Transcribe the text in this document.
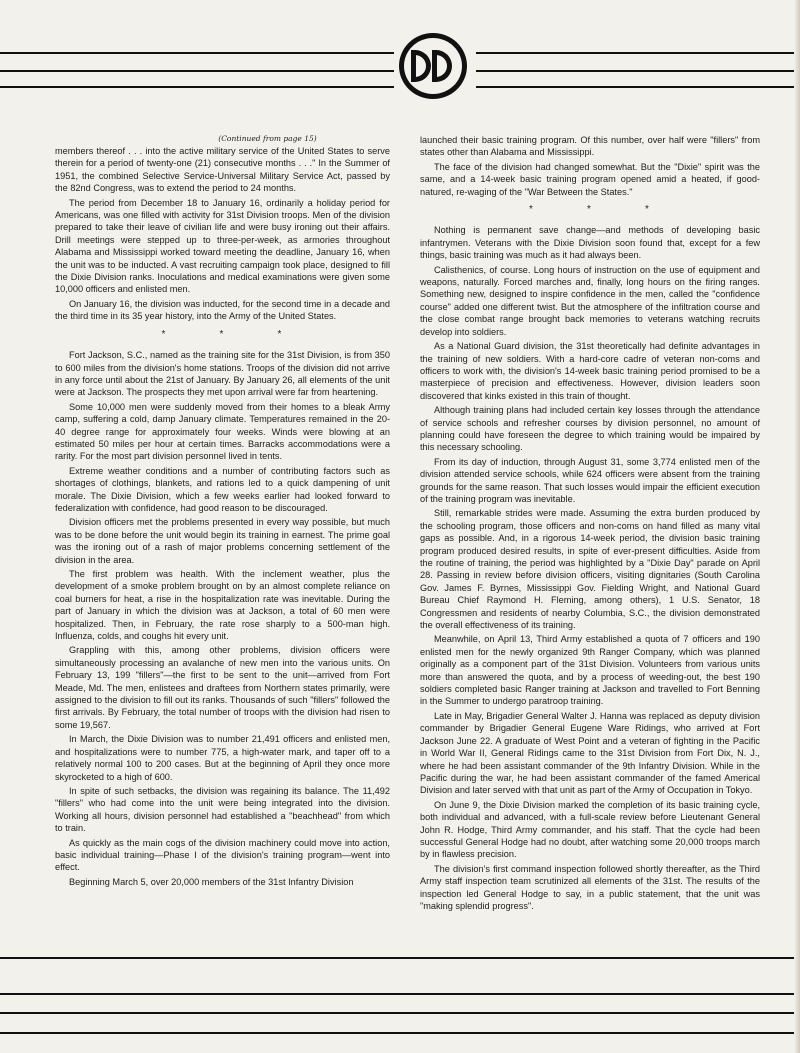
(Continued from page 15)

members thereof . . . into the active military service of the United States to serve therein for a period of twenty-one (21) consecutive months . . ." In the Summer of 1951, the combined Selective Service-Universal Military Service Act, passed by the 82nd Congress, was to extend the period to 24 months.

The period from December 18 to January 16, ordinarily a holiday period for Americans, was one filled with activity for 31st Division troops. Men of the division prepared to take their leave of civilian life and were busy ironing out their affairs. Drill meetings were stepped up to three-per-week, as armories throughout Alabama and Mississippi worked toward meeting the deadline, January 16, when the unit was to be inducted. A vast recruiting campaign took place, designed to fill the Dixie Division ranks. Inoculations and medical examinations were given some 10,000 officers and enlisted men.

On January 16, the division was inducted, for the second time in a decade and the third time in its 35 year history, into the Army of the United States.

*	*	*

Fort Jackson, S.C., named as the training site for the 31st Division, is from 350 to 600 miles from the division's home stations. Troops of the division did not arrive in any force until about the 21st of January. By January 26, all elements of the unit were at Jackson. The prospects they met upon arrival were far from heartening.

Some 10,000 men were suddenly moved from their homes to a bleak Army camp, suffering a cold, damp January climate. Temperatures remained in the 20-40 degree range for approximately four weeks. Winds were blowing at an estimated 50 miles per hour at certain times. Barracks accommodations were a rarity. For the most part division personnel lived in tents.

Extreme weather conditions and a number of contributing factors such as shortages of clothings, blankets, and rations led to a quick dampening of unit morale. The Dixie Division, which a few weeks earlier had looked forward to federalization with confidence, had good reason to be discouraged.

Division officers met the problems presented in every way possible, but much was to be done before the unit would begin its training in earnest. The prime goal was the ironing out of a rash of major problems concerning settlement of the division in the area.

The first problem was health. With the inclement weather, plus the development of a smoke problem brought on by an almost complete reliance on coal burners for heat, a rise in the hospitalization rate was inevitable. During the part of January in which the division was at Jackson, a total of 60 men were hospitalized. Then, in February, the rate rose sharply to a 500-man high. Influenza, colds, and coughs hit every unit.

Grappling with this, among other problems, division officers were simultaneously processing an avalanche of new men into the various units. On February 13, 199 "fillers"—the first to be sent to the unit—arrived from Fort Meade, Md. The men, enlistees and draftees from Northern states primarily, were assigned to the division to fill out its ranks. Thousands of such "fillers" followed the first arrivals. By February, the total number of troops with the division had risen to some 19,567.

In March, the Dixie Division was to number 21,491 officers and enlisted men, and hospitalizations were to number 775, a high-water mark, and taper off to a relatively normal 100 to 200 cases. But at the beginning of April they once more skyrocketed to a high of 600.

In spite of such setbacks, the division was regaining its balance. The 11,492 "fillers" who had come into the unit were being integrated into the division. Working all hours, division personnel had established a "beachhead" from which to train.

As quickly as the main cogs of the division machinery could move into action, basic individual training—Phase I of the division's training program—went into effect.

Beginning March 5, over 20,000 members of the 31st Infantry Division

launched their basic training program. Of this number, over half were "fillers" from states other than Alabama and Mississippi.

The face of the division had changed somewhat. But the "Dixie" spirit was the same, and a 14-week basic training program opened amid a heated, if good-natured, re-waging of the "War Between the States."

*	*	*

Nothing is permanent save change—and methods of developing basic infantrymen. Veterans with the Dixie Division soon found that, except for a few things, basic training was much as it had always been.

Calisthenics, of course. Long hours of instruction on the use of equipment and weapons, naturally. Forced marches and, finally, long hours on the firing ranges. Something new, designed to inspire confidence in the men, called the "confidence course" added one different twist. But the atmosphere of the infiltration course and the close combat range brought back memories to veterans watching recruits develop into soldiers.

As a National Guard division, the 31st theoretically had definite advantages in the training of new soldiers. With a hard-core cadre of veteran non-coms and officers to work with, the division's 14-week basic training period promised to be a masterpiece of precision and effectiveness. However, division leaders soon discovered that kinks existed in this train of thought.

Although training plans had included certain key losses through the attendance of service schools and refresher courses by division personnel, no amount of planning could have foreseen the degree to which training would be impaired by this necessary schooling.

From its day of induction, through August 31, some 3,774 enlisted men of the division attended service schools, while 624 officers were absent from the training grounds for the same reason. That such losses would impair the efficient execution of the training program was inevitable.

Still, remarkable strides were made. Assuming the extra burden produced by the schooling program, those officers and non-coms on hand filled as many vital gaps as possible. And, in a rigorous 14-week period, the division basic training program produced desired results, in spite of ever-present difficulties. Aside from the routine of training, the period was highlighted by a "Dixie Day" parade on April 28. Passing in review before division officers, visiting dignitaries (South Carolina Gov. James F. Byrnes, Mississippi Gov. Fielding Wright, and National Guard Bureau Chief Raymond H. Fleming, among others), 1 U.S. Senator, 18 Congressmen and residents of nearby Columbia, S.C., the division demonstrated the overall effectiveness of its training.

Meanwhile, on April 13, Third Army established a quota of 7 officers and 190 enlisted men for the newly organized 9th Ranger Company, which was planned originally as a component part of the 31st Division. Volunteers from various units more than answered the quota, and by a process of weeding-out, the best 190 soldiers completed basic Ranger training at Jackson and travelled to Fort Benning in the Summer to undergo paratroop training.

Late in May, Brigadier General Walter J. Hanna was replaced as deputy division commander by Brigadier General Eugene Ware Ridings, who arrived at Fort Jackson June 22. A graduate of West Point and a veteran of fighting in the Pacific in World War II, General Ridings came to the 31st Division from Fort Dix, N. J., where he had been assistant commander of the 9th Infantry Division. While in the Pacific during the war, he had been assistant commander of the famed Americal Division and later served with that unit as part of the Army of Occupation in Tokyo.

On June 9, the Dixie Division marked the completion of its basic training cycle, both individual and advanced, with a full-scale review before Lieutenant General John R. Hodge, Third Army commander, and his staff. That the cycle had been successful General Hodge had no doubt, after watching some 20,000 troops march by in flawless precision.

The division's first command inspection followed shortly thereafter, as the Third Army staff inspection team scrutinized all elements of the 31st. The results of the inspection led General Hodge to say, in a public statement, that the unit was "making splendid progress".
